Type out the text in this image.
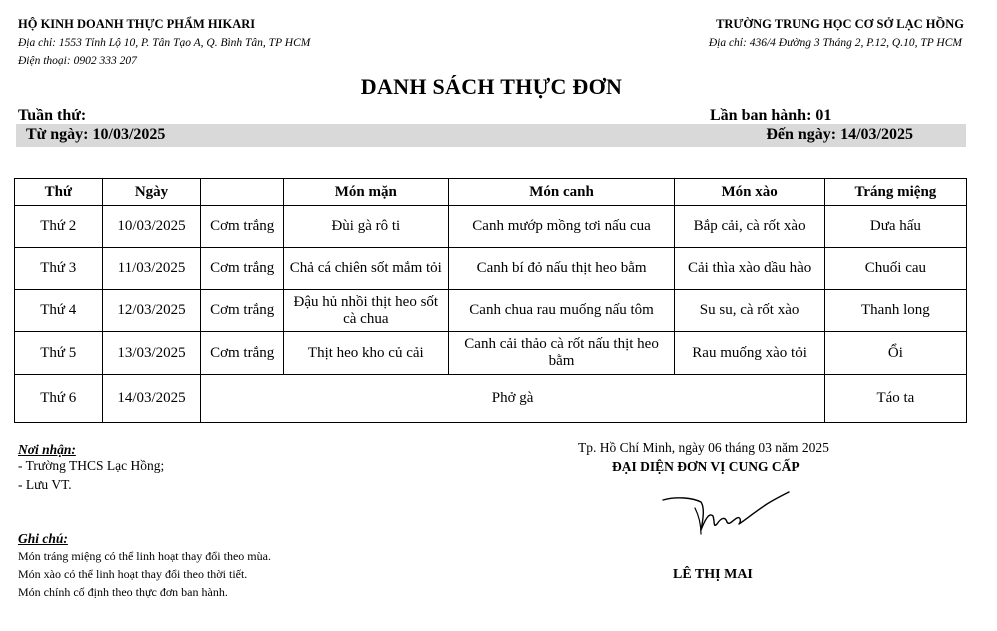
HỘ KINH DOANH THỰC PHẨM HIKARI
Địa chỉ: 1553 Tỉnh Lộ 10, P. Tân Tạo A, Q. Bình Tân, TP HCM
Điện thoại: 0902 333 207
TRƯỜNG TRUNG HỌC CƠ SỞ LẠC HỒNG
Địa chỉ: 436/4 Đường 3 Tháng 2, P.12, Q.10, TP HCM
DANH SÁCH THỰC ĐƠN
Tuần thứ:	Lần ban hành: 01
Từ ngày: 10/03/2025	Đến ngày: 14/03/2025
Thứ	Ngày		Món mặn	Món canh	Món xào	Tráng miệng
Thứ 2	10/03/2025	Cơm trắng	Đùi gà rô ti	Canh mướp mồng tơi nấu cua	Bắp cải, cà rốt xào	Dưa hấu
Thứ 3	11/03/2025	Cơm trắng	Chả cá chiên sốt mắm tỏi	Canh bí đỏ nấu thịt heo bằm	Cải thìa xào dầu hào	Chuối cau
Thứ 4	12/03/2025	Cơm trắng	Đậu hủ nhồi thịt heo sốt cà chua	Canh chua rau muống nấu tôm	Su su, cà rốt xào	Thanh long
Thứ 5	13/03/2025	Cơm trắng	Thịt heo kho củ cải	Canh cải thảo cà rốt nấu thịt heo bằm	Rau muống xào tỏi	Ổi
Thứ 6	14/03/2025	Phở gà				Táo ta
Nơi nhận:
- Trường THCS Lạc Hồng;
- Lưu VT.
Ghi chú:
Món tráng miệng có thể linh hoạt thay đổi theo mùa.
Món xào có thể linh hoạt thay đổi theo thời tiết.
Món chính cố định theo thực đơn ban hành.
Tp. Hồ Chí Minh, ngày 06 tháng 03 năm 2025
ĐẠI DIỆN ĐƠN VỊ CUNG CẤP
LÊ THỊ MAI
